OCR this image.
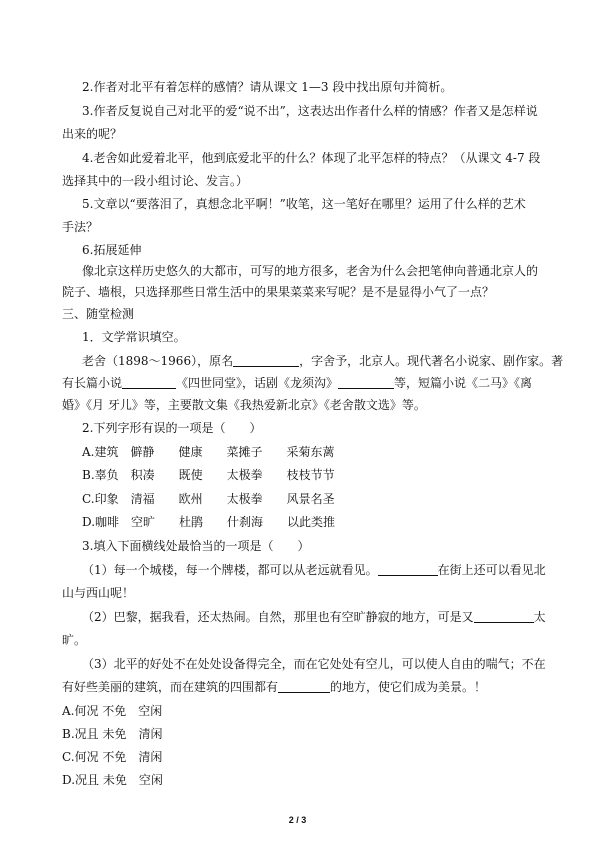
2.作者对北平有着怎样的感情？请从课文 1—3 段中找出原句并简析。
3.作者反复说自己对北平的爱“说不出”，这表达出作者什么样的情感？作者又是怎样说
出来的呢？
4.老舍如此爱着北平，他到底爱北平的什么？体现了北平怎样的特点？（从课文 4-7 段
选择其中的一段小组讨论、发言。）
5.文章以“要落泪了，真想念北平啊！”收笔，这一笔好在哪里？运用了什么样的艺术
手法？
6.拓展延伸
像北京这样历史悠久的大都市，可写的地方很多，老舍为什么会把笔伸向普通北京人的
院子、墙根，只选择那些日常生活中的果果菜菜来写呢？是不是显得小气了一点？
三、随堂检测
1．文学常识填空。
老舍（1898～1966），原名	，字舍予，北京人。现代著名小说家、剧作家。著
有长篇小说	《四世同堂》，话剧《龙须沟》	等，短篇小说《二马》《离
婚》《月 牙儿》等，主要散文集《我热爱新北京》《老舍散文选》等。
2.下列字形有误的一项是（　　）
A.建筑　僻静　　健康　　菜摊子　　采菊东蓠
B.辜负　积凑　　既使　　太极拳　　枝枝节节
C.印象　清福　　欧州　　太极拳　　风景名圣
D.咖啡　空旷　　杜鹃　　什刹海　　以此类推
3.填入下面横线处最恰当的一项是（　　）
（1）每一个城楼，每一个牌楼，都可以从老远就看见。	在街上还可以看见北
山与西山呢！
（2）巴黎，据我看，还太热闹。自然，那里也有空旷静寂的地方，可是又	太
旷。
（3）北平的好处不在处处设备得完全，而在它处处有空儿，可以使人自由的喘气；不在
有好些美丽的建筑，而在建筑的四围都有	的地方，使它们成为美景。！
A.何况 不免　空闲
B.况且 未免　清闲
C.何况 不免　清闲
D.况且 未免　空闲
2 / 3
